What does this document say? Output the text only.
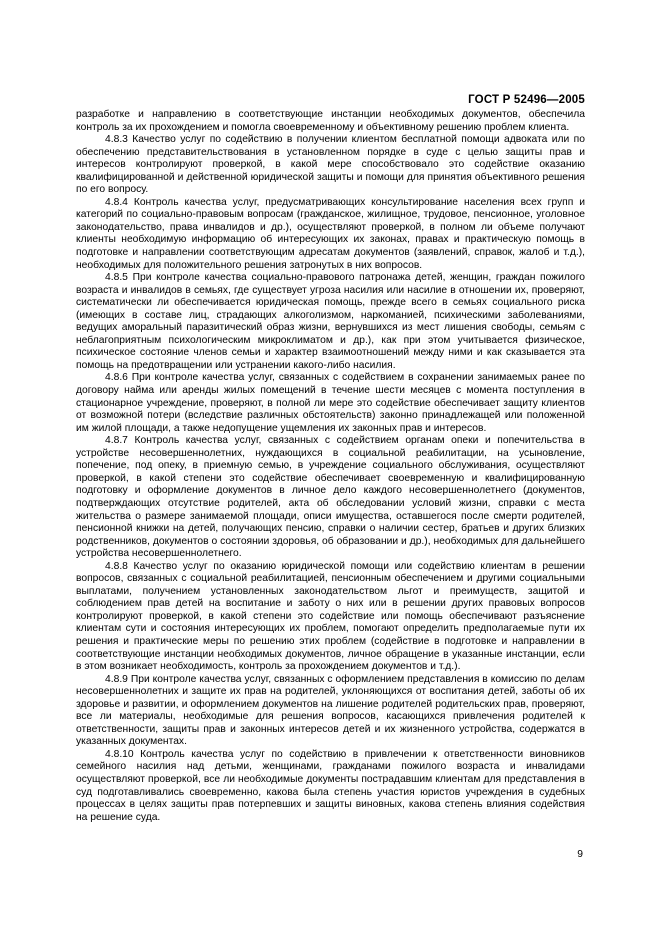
ГОСТ Р 52496—2005

разработке и направлению в соответствующие инстанции необходимых документов, обеспечила контроль за их прохождением и помогла своевременному и объективному решению проблем клиента.

4.8.3 Качество услуг по содействию в получении клиентом бесплатной помощи адвоката или по обеспечению представительствования в установленном порядке в суде с целью защиты прав и интересов контролируют проверкой, в какой мере способствовало это содействие оказанию квалифицированной и действенной юридической защиты и помощи для принятия объективного решения по его вопросу.

4.8.4 Контроль качества услуг, предусматривающих консультирование населения всех групп и категорий по социально-правовым вопросам (гражданское, жилищное, трудовое, пенсионное, уголовное законодательство, права инвалидов и др.), осуществляют проверкой, в полном ли объеме получают клиенты необходимую информацию об интересующих их законах, правах и практическую помощь в подготовке и направлении соответствующим адресатам документов (заявлений, справок, жалоб и т.д.), необходимых для положительного решения затронутых в них вопросов.

4.8.5 При контроле качества социально-правового патронажа детей, женщин, граждан пожилого возраста и инвалидов в семьях, где существует угроза насилия или насилие в отношении их, проверяют, систематически ли обеспечивается юридическая помощь, прежде всего в семьях социального риска (имеющих в составе лиц, страдающих алкоголизмом, наркоманией, психическими заболеваниями, ведущих аморальный паразитический образ жизни, вернувшихся из мест лишения свободы, семьям с неблагоприятным психологическим микроклиматом и др.), как при этом учитывается физическое, психическое состояние членов семьи и характер взаимоотношений между ними и как сказывается эта помощь на предотвращении или устранении какого-либо насилия.

4.8.6 При контроле качества услуг, связанных с содействием в сохранении занимаемых ранее по договору найма или аренды жилых помещений в течение шести месяцев с момента поступления в стационарное учреждение, проверяют, в полной ли мере это содействие обеспечивает защиту клиентов от возможной потери (вследствие различных обстоятельств) законно принадлежащей или положенной им жилой площади, а также недопущение ущемления их законных прав и интересов.

4.8.7 Контроль качества услуг, связанных с содействием органам опеки и попечительства в устройстве несовершеннолетних, нуждающихся в социальной реабилитации, на усыновление, попечение, под опеку, в приемную семью, в учреждение социального обслуживания, осуществляют проверкой, в какой степени это содействие обеспечивает своевременную и квалифицированную подготовку и оформление документов в личное дело каждого несовершеннолетнего (документов, подтверждающих отсутствие родителей, акта об обследовании условий жизни, справки с места жительства о размере занимаемой площади, описи имущества, оставшегося после смерти родителей, пенсионной книжки на детей, получающих пенсию, справки о наличии сестер, братьев и других близких родственников, документов о состоянии здоровья, об образовании и др.), необходимых для дальнейшего устройства несовершеннолетнего.

4.8.8 Качество услуг по оказанию юридической помощи или содействию клиентам в решении вопросов, связанных с социальной реабилитацией, пенсионным обеспечением и другими социальными выплатами, получением установленных законодательством льгот и преимуществ, защитой и соблюдением прав детей на воспитание и заботу о них или в решении других правовых вопросов контролируют проверкой, в какой степени это содействие или помощь обеспечивают разъяснение клиентам сути и состояния интересующих их проблем, помогают определить предполагаемые пути их решения и практические меры по решению этих проблем (содействие в подготовке и направлении в соответствующие инстанции необходимых документов, личное обращение в указанные инстанции, если в этом возникает необходимость, контроль за прохождением документов и т.д.).

4.8.9 При контроле качества услуг, связанных с оформлением представления в комиссию по делам несовершеннолетних и защите их прав на родителей, уклоняющихся от воспитания детей, заботы об их здоровье и развитии, и оформлением документов на лишение родителей родительских прав, проверяют, все ли материалы, необходимые для решения вопросов, касающихся привлечения родителей к ответственности, защиты прав и законных интересов детей и их жизненного устройства, содержатся в указанных документах.

4.8.10 Контроль качества услуг по содействию в привлечении к ответственности виновников семейного насилия над детьми, женщинами, гражданами пожилого возраста и инвалидами осуществляют проверкой, все ли необходимые документы пострадавшим клиентам для представления в суд подготавливались своевременно, какова была степень участия юристов учреждения в судебных процессах в целях защиты прав потерпевших и защиты виновных, какова степень влияния содействия на решение суда.

9
